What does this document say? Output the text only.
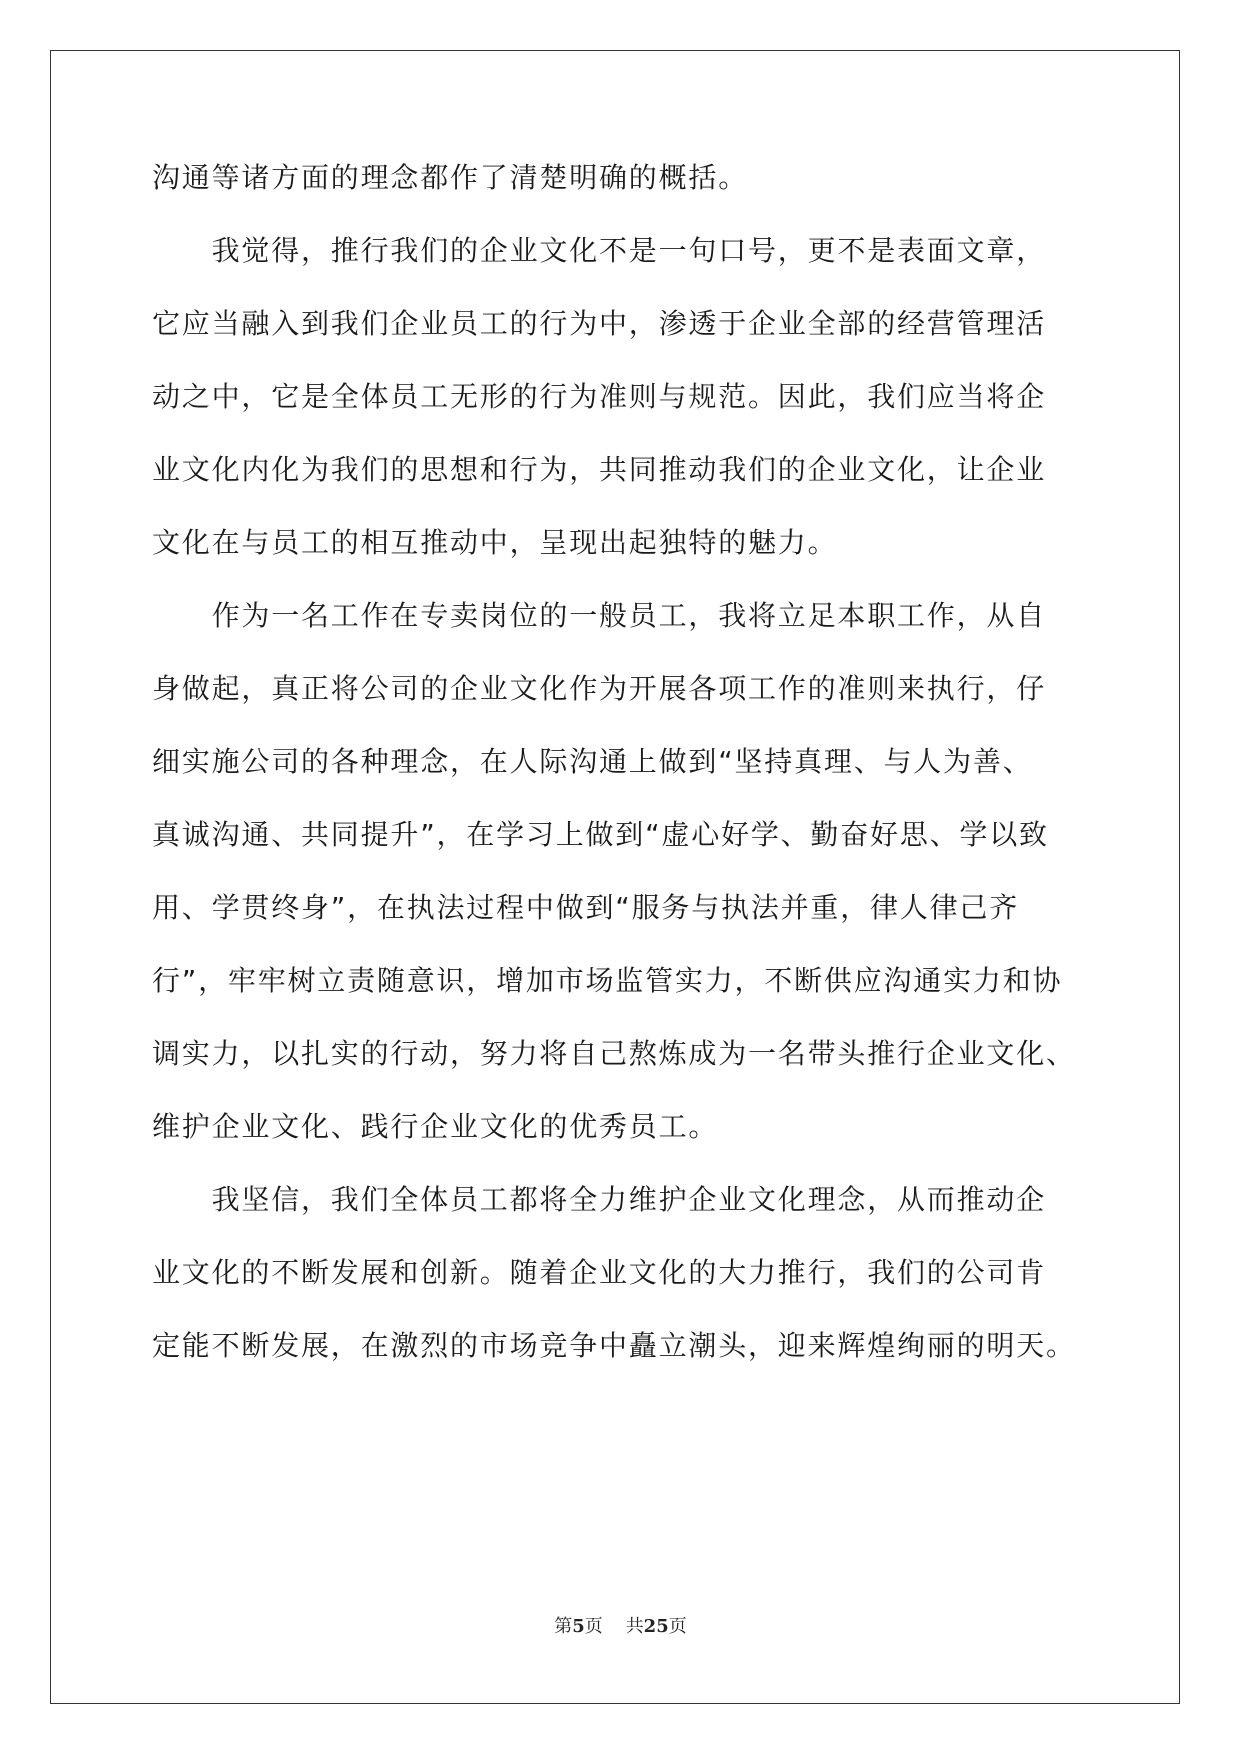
沟通等诸方面的理念都作了清楚明确的概括。
　　我觉得，推行我们的企业文化不是一句口号，更不是表面文章，
它应当融入到我们企业员工的行为中，渗透于企业全部的经营管理活
动之中，它是全体员工无形的行为准则与规范。因此，我们应当将企
业文化内化为我们的思想和行为，共同推动我们的企业文化，让企业
文化在与员工的相互推动中，呈现出起独特的魅力。
　　作为一名工作在专卖岗位的一般员工，我将立足本职工作，从自
身做起，真正将公司的企业文化作为开展各项工作的准则来执行，仔
细实施公司的各种理念，在人际沟通上做到“坚持真理、与人为善、
真诚沟通、共同提升”，在学习上做到“虚心好学、勤奋好思、学以致
用、学贯终身”，在执法过程中做到“服务与执法并重，律人律己齐
行”，牢牢树立责随意识，增加市场监管实力，不断供应沟通实力和协
调实力，以扎实的行动，努力将自己熬炼成为一名带头推行企业文化、
维护企业文化、践行企业文化的优秀员工。
　　我坚信，我们全体员工都将全力维护企业文化理念，从而推动企
业文化的不断发展和创新。随着企业文化的大力推行，我们的公司肯
定能不断发展，在激烈的市场竞争中矗立潮头，迎来辉煌绚丽的明天。
第5页 共25页
